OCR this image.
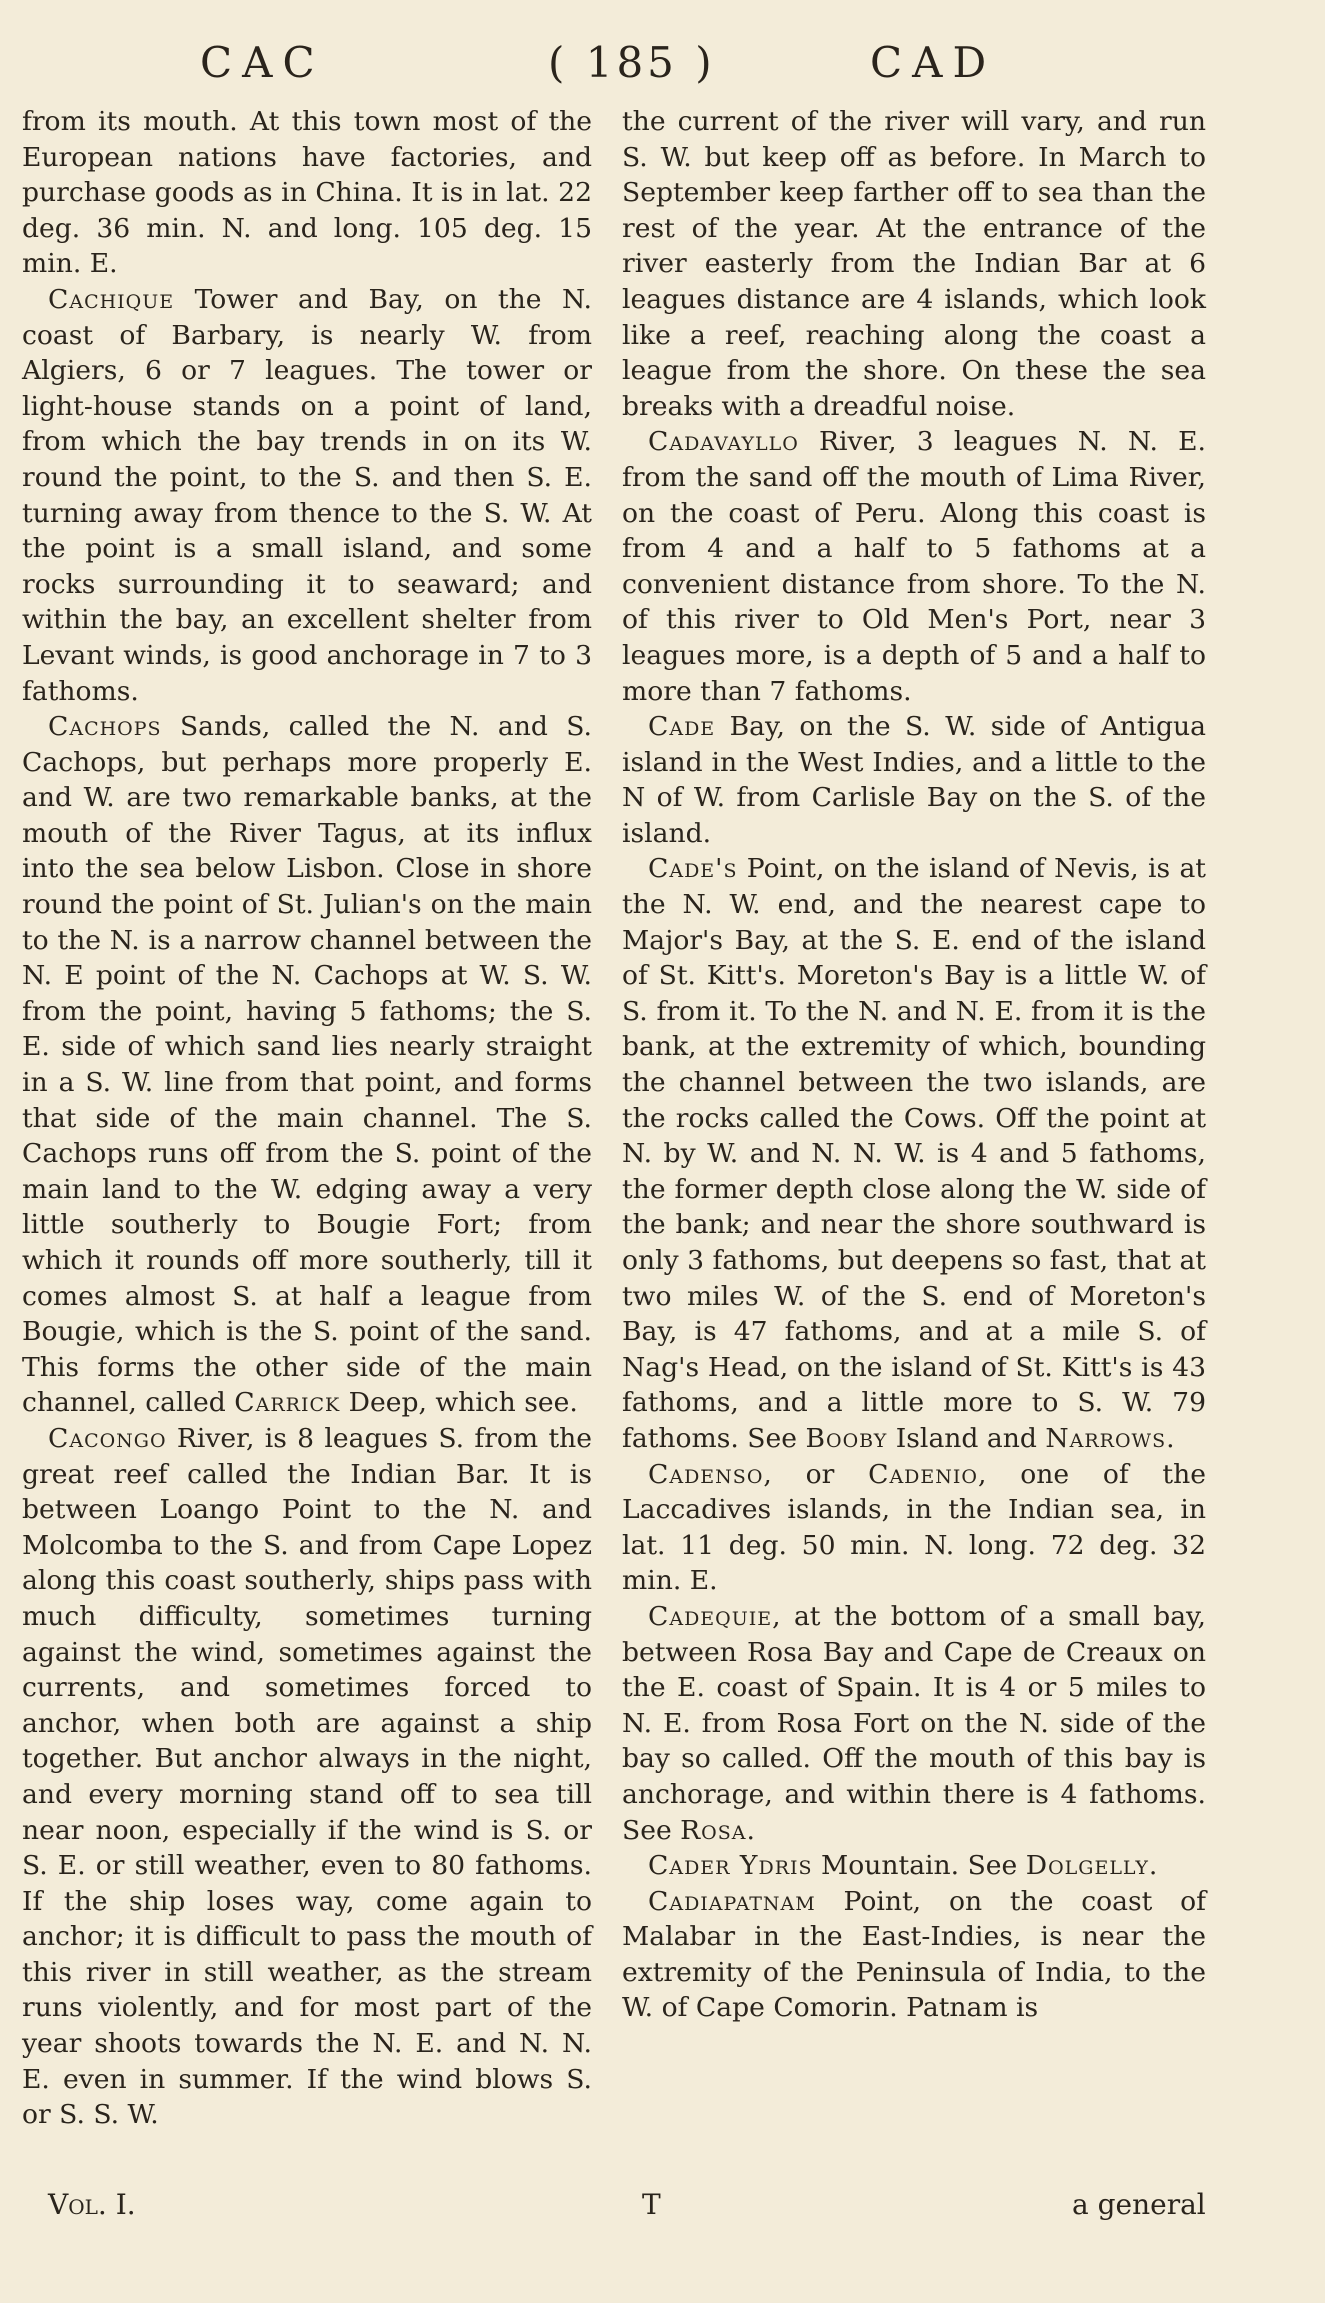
CAC	( 185 )	CAD

from its mouth. At this town most of the European nations have factories, and purchase goods as in China. It is in lat. 22 deg. 36 min. N. and long. 105 deg. 15 min. E.

Cachique Tower and Bay, on the N. coast of Barbary, is nearly W. from Algiers, 6 or 7 leagues. The tower or light-house stands on a point of land, from which the bay trends in on its W. round the point, to the S. and then S. E. turning away from thence to the S. W. At the point is a small island, and some rocks surrounding it to seaward; and within the bay, an excellent shelter from Levant winds, is good anchorage in 7 to 3 fathoms.

Cachops Sands, called the N. and S. Cachops, but perhaps more properly E. and W. are two remarkable banks, at the mouth of the River Tagus, at its influx into the sea below Lisbon. Close in shore round the point of St. Julian's on the main to the N. is a narrow channel between the N. E point of the N. Cachops at W. S. W. from the point, having 5 fathoms; the S. E. side of which sand lies nearly straight in a S. W. line from that point, and forms that side of the main channel. The S. Cachops runs off from the S. point of the main land to the W. edging away a very little southerly to Bougie Fort; from which it rounds off more southerly, till it comes almost S. at half a league from Bougie, which is the S. point of the sand. This forms the other side of the main channel, called Carrick Deep, which see.

Cacongo River, is 8 leagues S. from the great reef called the Indian Bar. It is between Loango Point to the N. and Molcomba to the S. and from Cape Lopez along this coast southerly, ships pass with much difficulty, sometimes turning against the wind, sometimes against the currents, and sometimes forced to anchor, when both are against a ship together. But anchor always in the night, and every morning stand off to sea till near noon, especially if the wind is S. or S. E. or still weather, even to 80 fathoms. If the ship loses way, come again to anchor; it is difficult to pass the mouth of this river in still weather, as the stream runs violently, and for most part of the year shoots towards the N. E. and N. N. E. even in summer. If the wind blows S. or S. S. W.

the current of the river will vary, and run S. W. but keep off as before. In March to September keep farther off to sea than the rest of the year. At the entrance of the river easterly from the Indian Bar at 6 leagues distance are 4 islands, which look like a reef, reaching along the coast a league from the shore. On these the sea breaks with a dreadful noise.

Cadavayllo River, 3 leagues N. N. E. from the sand off the mouth of Lima River, on the coast of Peru. Along this coast is from 4 and a half to 5 fathoms at a convenient distance from shore. To the N. of this river to Old Men's Port, near 3 leagues more, is a depth of 5 and a half to more than 7 fathoms.

Cade Bay, on the S. W. side of Antigua island in the West Indies, and a little to the N of W. from Carlisle Bay on the S. of the island.

Cade's Point, on the island of Nevis, is at the N. W. end, and the nearest cape to Major's Bay, at the S. E. end of the island of St. Kitt's. Moreton's Bay is a little W. of S. from it. To the N. and N. E. from it is the bank, at the extremity of which, bounding the channel between the two islands, are the rocks called the Cows. Off the point at N. by W. and N. N. W. is 4 and 5 fathoms, the former depth close along the W. side of the bank; and near the shore southward is only 3 fathoms, but deepens so fast, that at two miles W. of the S. end of Moreton's Bay, is 47 fathoms, and at a mile S. of Nag's Head, on the island of St. Kitt's is 43 fathoms, and a little more to S. W. 79 fathoms. See Booby Island and Narrows.

Cadenso, or Cadenio, one of the Laccadives islands, in the Indian sea, in lat. 11 deg. 50 min. N. long. 72 deg. 32 min. E.

Cadequie, at the bottom of a small bay, between Rosa Bay and Cape de Creaux on the E. coast of Spain. It is 4 or 5 miles to N. E. from Rosa Fort on the N. side of the bay so called. Off the mouth of this bay is anchorage, and within there is 4 fathoms. See Rosa.

Cader Ydris Mountain. See Dolgelly.

Cadiapatnam Point, on the coast of Malabar in the East-Indies, is near the extremity of the Peninsula of India, to the W. of Cape Comorin. Patnam is

Vol. I.	T	a general
